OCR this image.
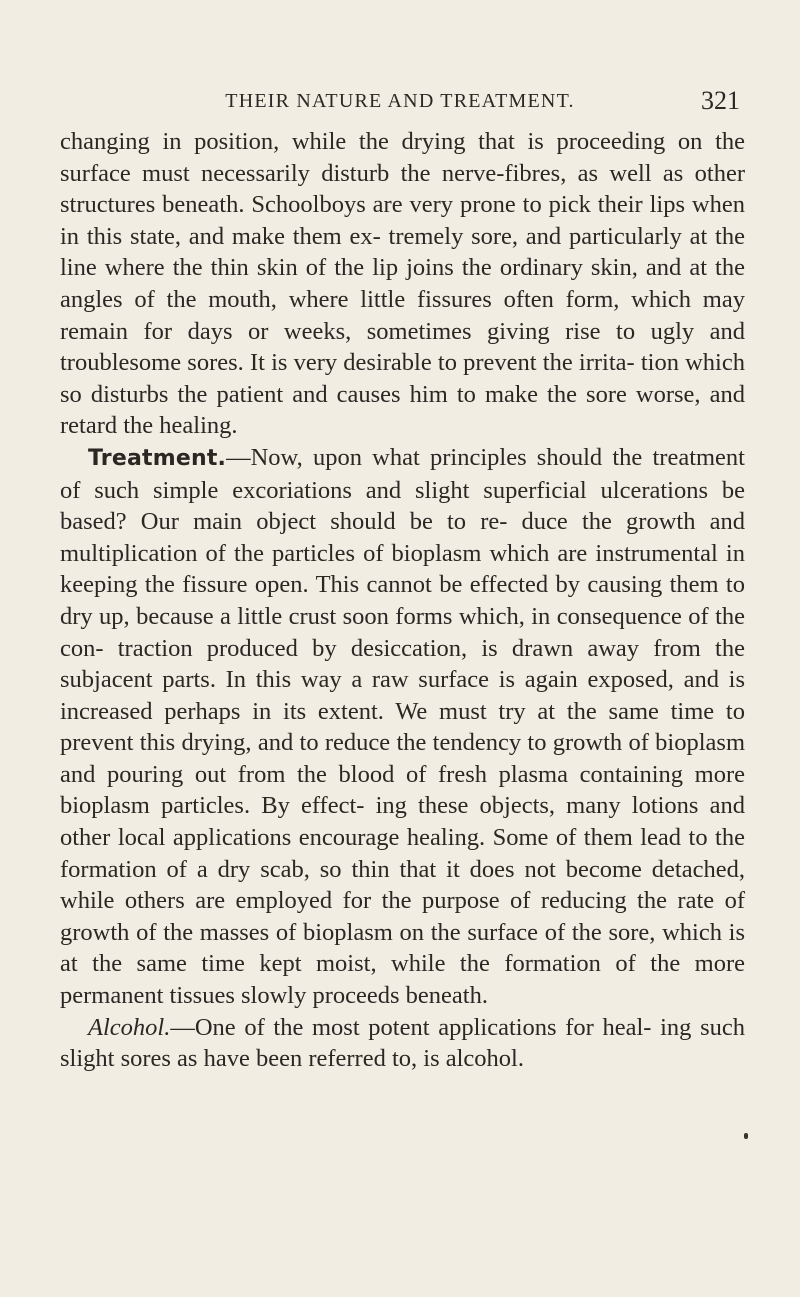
THEIR NATURE AND TREATMENT.	321

changing in position, while the drying that is proceeding on the surface must necessarily disturb the nerve-fibres, as well as other structures beneath. Schoolboys are very prone to pick their lips when in this state, and make them ex- tremely sore, and particularly at the line where the thin skin of the lip joins the ordinary skin, and at the angles of the mouth, where little fissures often form, which may remain for days or weeks, sometimes giving rise to ugly and troublesome sores. It is very desirable to prevent the irrita- tion which so disturbs the patient and causes him to make the sore worse, and retard the healing.

Treatment.—Now, upon what principles should the treatment of such simple excoriations and slight superficial ulcerations be based? Our main object should be to re- duce the growth and multiplication of the particles of bioplasm which are instrumental in keeping the fissure open. This cannot be effected by causing them to dry up, because a little crust soon forms which, in consequence of the con- traction produced by desiccation, is drawn away from the subjacent parts. In this way a raw surface is again exposed, and is increased perhaps in its extent. We must try at the same time to prevent this drying, and to reduce the tendency to growth of bioplasm and pouring out from the blood of fresh plasma containing more bioplasm particles. By effect- ing these objects, many lotions and other local applications encourage healing. Some of them lead to the formation of a dry scab, so thin that it does not become detached, while others are employed for the purpose of reducing the rate of growth of the masses of bioplasm on the surface of the sore, which is at the same time kept moist, while the formation of the more permanent tissues slowly proceeds beneath.

Alcohol.—One of the most potent applications for heal- ing such slight sores as have been referred to, is alcohol.
